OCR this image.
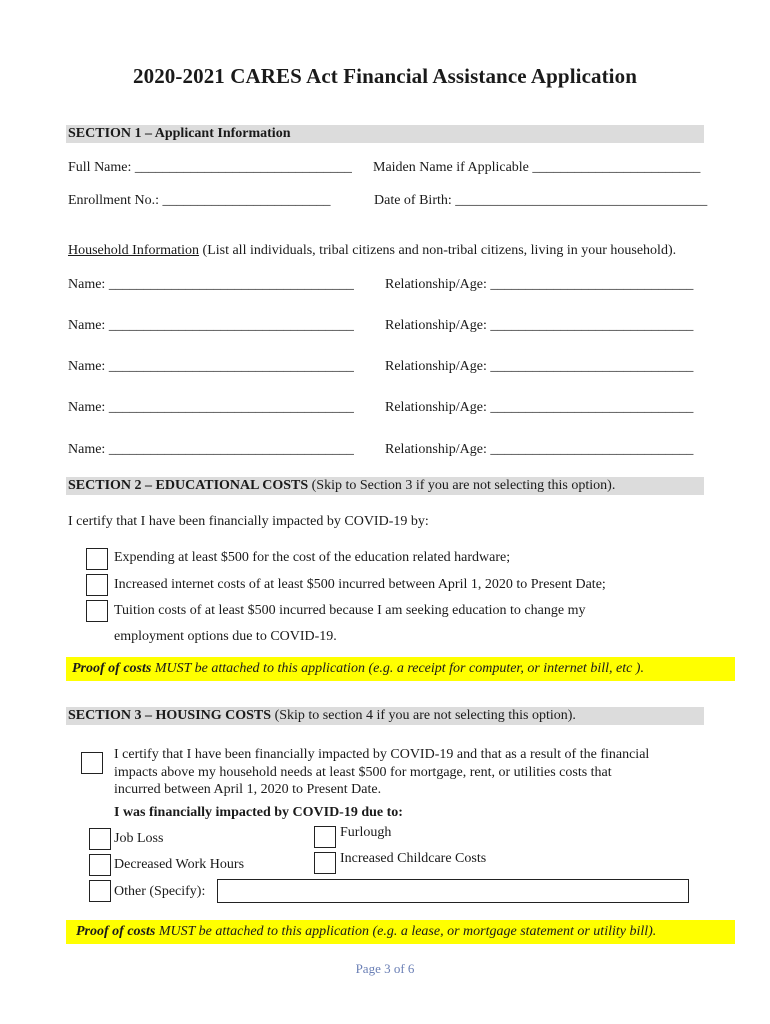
2020-2021 CARES Act Financial Assistance Application
SECTION 1 – Applicant Information
Full Name: _______________________________ Maiden Name if Applicable ________________________
Enrollment No.: ________________________	Date of Birth: ____________________________________
Household Information (List all individuals, tribal citizens and non-tribal citizens, living in your household).
Name: ___________________________________ Relationship/Age: _____________________________
Name: ___________________________________ Relationship/Age: _____________________________
Name: ___________________________________ Relationship/Age: _____________________________
Name: ___________________________________ Relationship/Age: _____________________________
Name: ___________________________________ Relationship/Age: _____________________________
SECTION 2 – EDUCATIONAL COSTS (Skip to Section 3 if you are not selecting this option).
I certify that I have been financially impacted by COVID-19 by:
Expending at least $500 for the cost of the education related hardware;
Increased internet costs of at least $500 incurred between April 1, 2020 to Present Date;
Tuition costs of at least $500 incurred because I am seeking education to change my
employment options due to COVID-19.
Proof of costs MUST be attached to this application (e.g. a receipt for computer, or internet bill, etc ).
SECTION 3 – HOUSING COSTS (Skip to section 4 if you are not selecting this option).
I certify that I have been financially impacted by COVID-19 and that as a result of the financial
impacts above my household needs at least $500 for mortgage, rent, or utilities costs that
incurred between April 1, 2020 to Present Date.
I was financially impacted by COVID-19 due to:
Job Loss	Furlough
Decreased Work Hours	Increased Childcare Costs
Other (Specify):
Proof of costs MUST be attached to this application (e.g. a lease, or mortgage statement or utility bill).
Page 3 of 6
